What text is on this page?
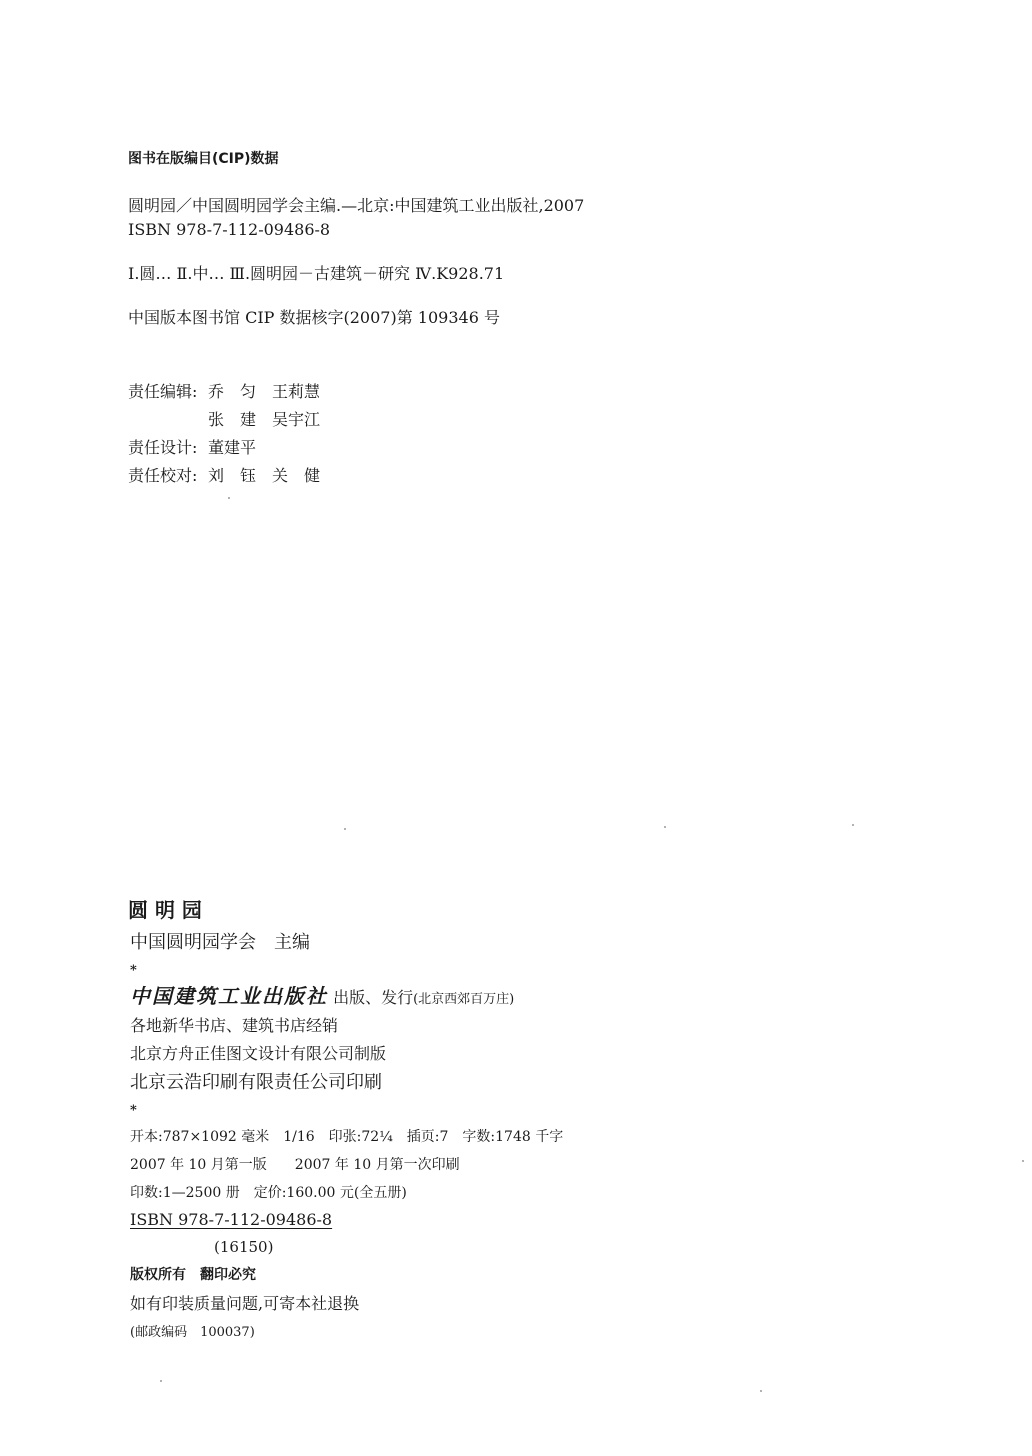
图书在版编目(CIP)数据
圆明园／中国圆明园学会主编.—北京:中国建筑工业出版社,2007
ISBN 978-7-112-09486-8
Ⅰ.圆… Ⅱ.中… Ⅲ.圆明园－古建筑－研究 Ⅳ.K928.71
中国版本图书馆 CIP 数据核字(2007)第 109346 号
责任编辑: 乔　匀　王莉慧
张　建　吴宇江
责任设计: 董建平
责任校对: 刘　钰　关　健
圆 明 园
中国圆明园学会　主编
*
中国建筑工业出版社 出版、发行(北京西郊百万庄)
各地新华书店、建筑书店经销
北京方舟正佳图文设计有限公司制版
北京云浩印刷有限责任公司印刷
*
开本:787×1092 毫米　1/16　印张:72¼　插页:7　字数:1748 千字
2007 年 10 月第一版　　2007 年 10 月第一次印刷
印数:1—2500 册　定价:160.00 元(全五册)
ISBN 978-7-112-09486-8
(16150)
版权所有　翻印必究
如有印装质量问题,可寄本社退换
(邮政编码　100037)
